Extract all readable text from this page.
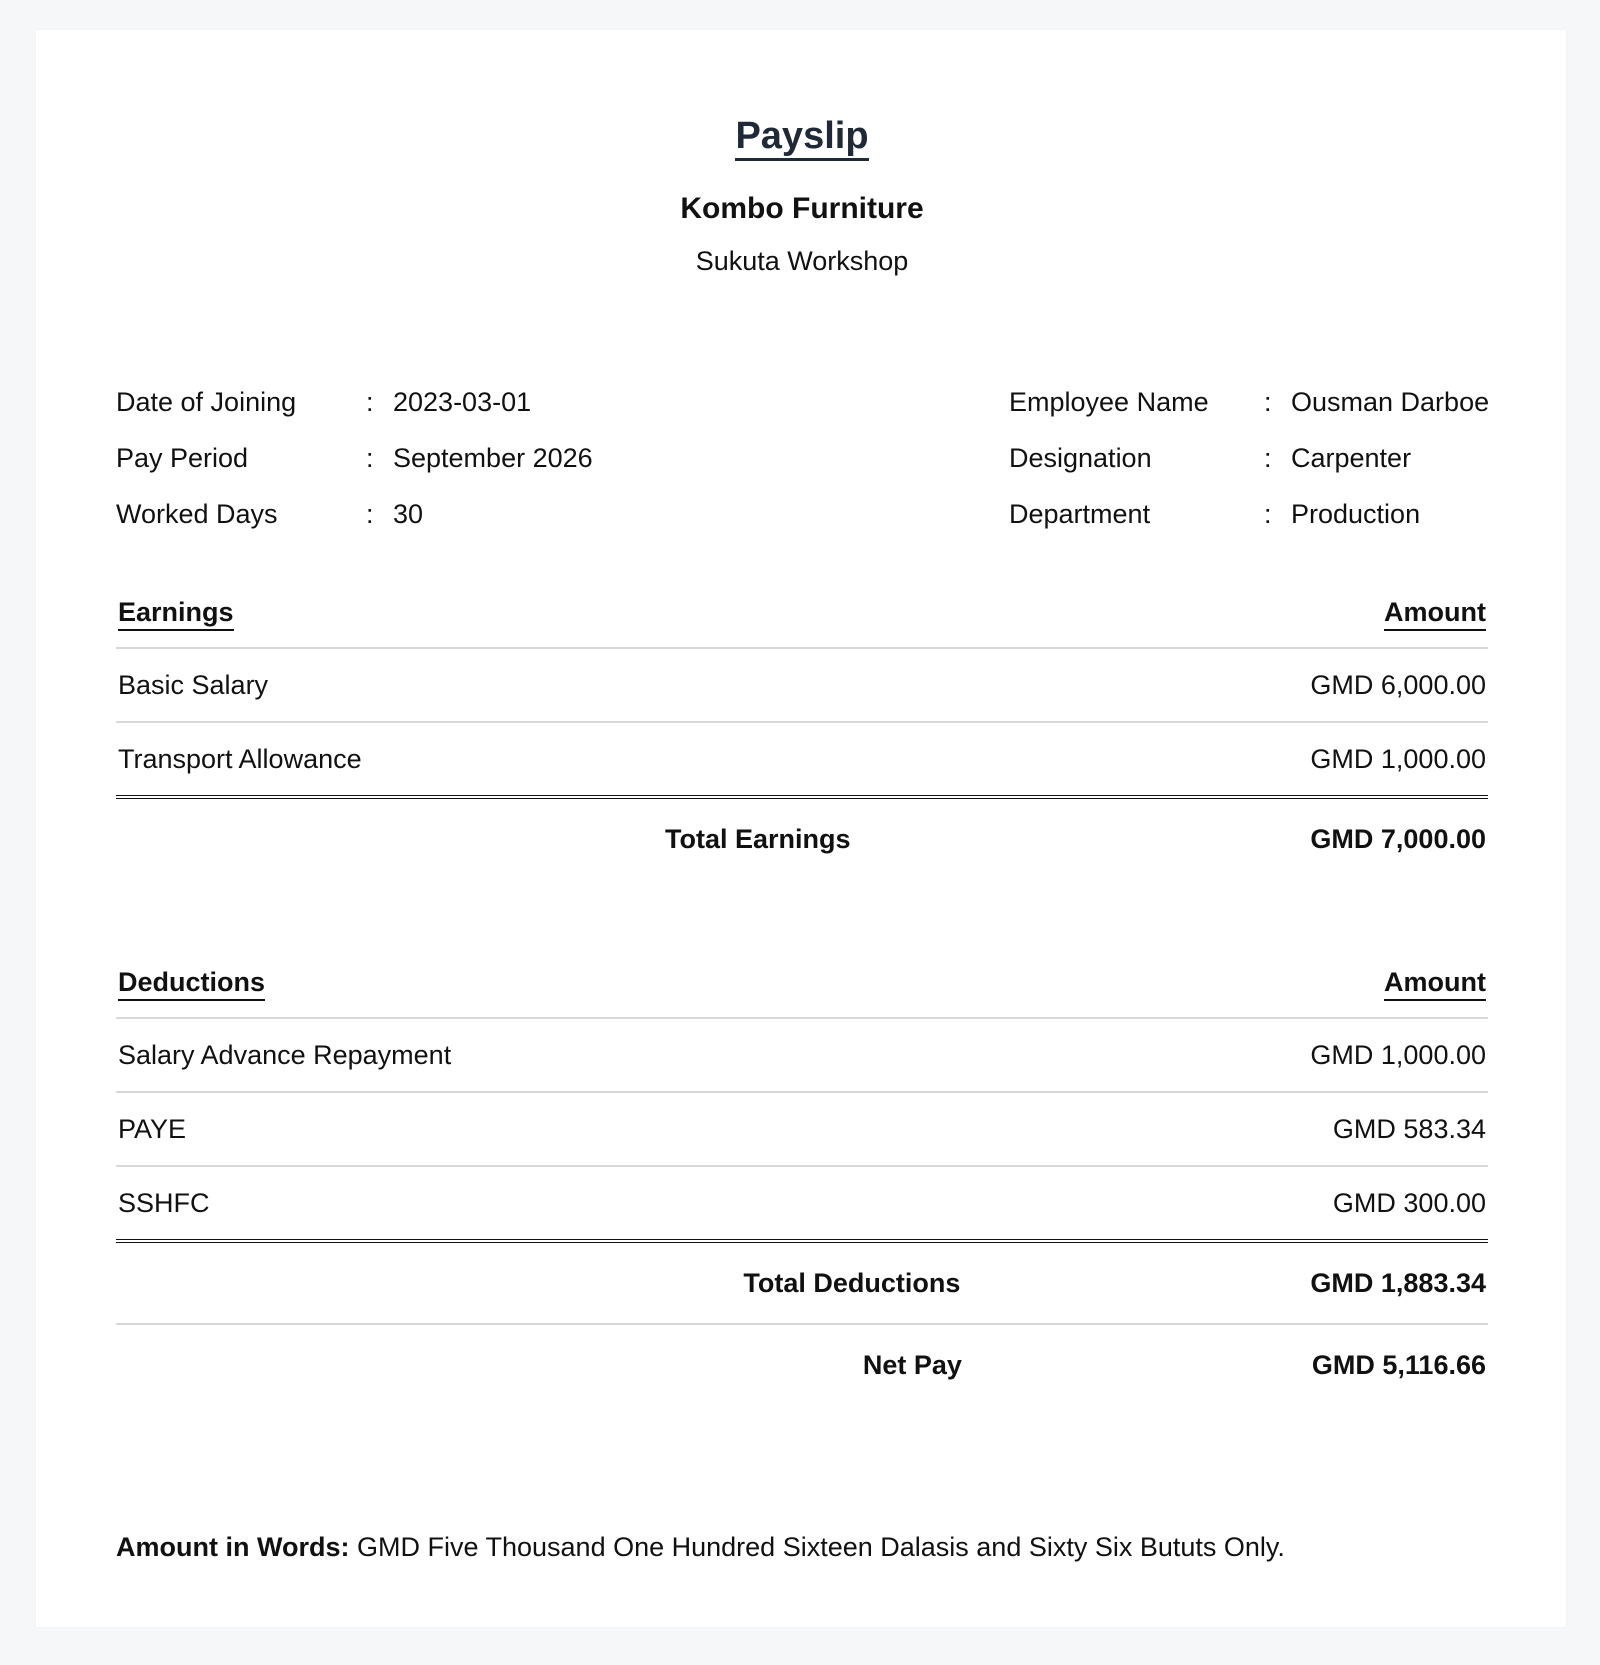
Payslip
Kombo Furniture
Sukuta Workshop
Date of Joining	: 2023-03-01
Pay Period	: September 2026
Worked Days	: 30
Employee Name	: Ousman Darboe
Designation	: Carpenter
Department	: Production
Earnings	Amount
Basic Salary	GMD 6,000.00
Transport Allowance	GMD 1,000.00
Total Earnings	GMD 7,000.00
Deductions	Amount
Salary Advance Repayment	GMD 1,000.00
PAYE	GMD 583.34
SSHFC	GMD 300.00
Total Deductions	GMD 1,883.34
Net Pay	GMD 5,116.66
Amount in Words: GMD Five Thousand One Hundred Sixteen Dalasis and Sixty Six Bututs Only.
